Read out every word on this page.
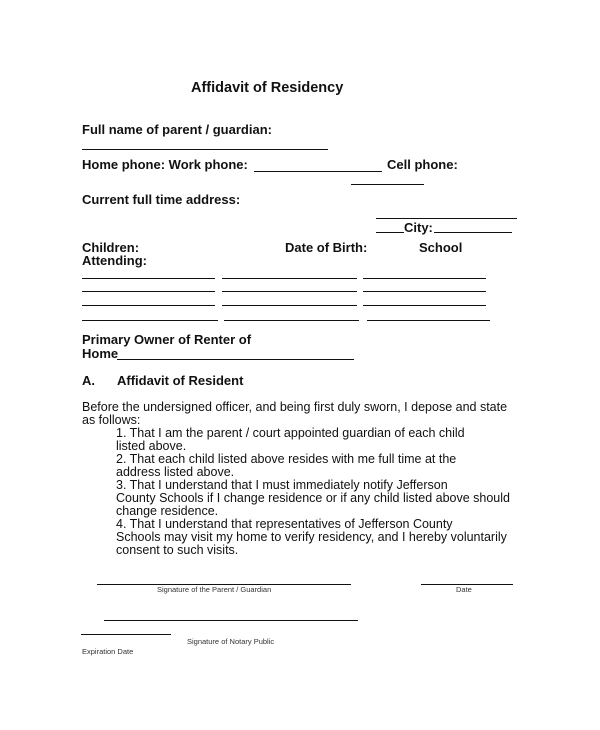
Affidavit of Residency
Full name of parent / guardian:
Home phone: Work phone:	Cell phone:
Current full time address:
City:
Children:	Date of Birth:	School
Attending:
Primary Owner of Renter of
Home
A. Affidavit of Resident
Before the undersigned officer, and being first duly sworn, I depose and state
as follows:
1. That I am the parent / court appointed guardian of each child
listed above.
2. That each child listed above resides with me full time at the
address listed above.
3. That I understand that I must immediately notify Jefferson
County Schools if I change residence or if any child listed above should
change residence.
4. That I understand that representatives of Jefferson County
Schools may visit my home to verify residency, and I hereby voluntarily
consent to such visits.
Signature of the Parent / Guardian	Date
Signature of Notary Public
Expiration Date
